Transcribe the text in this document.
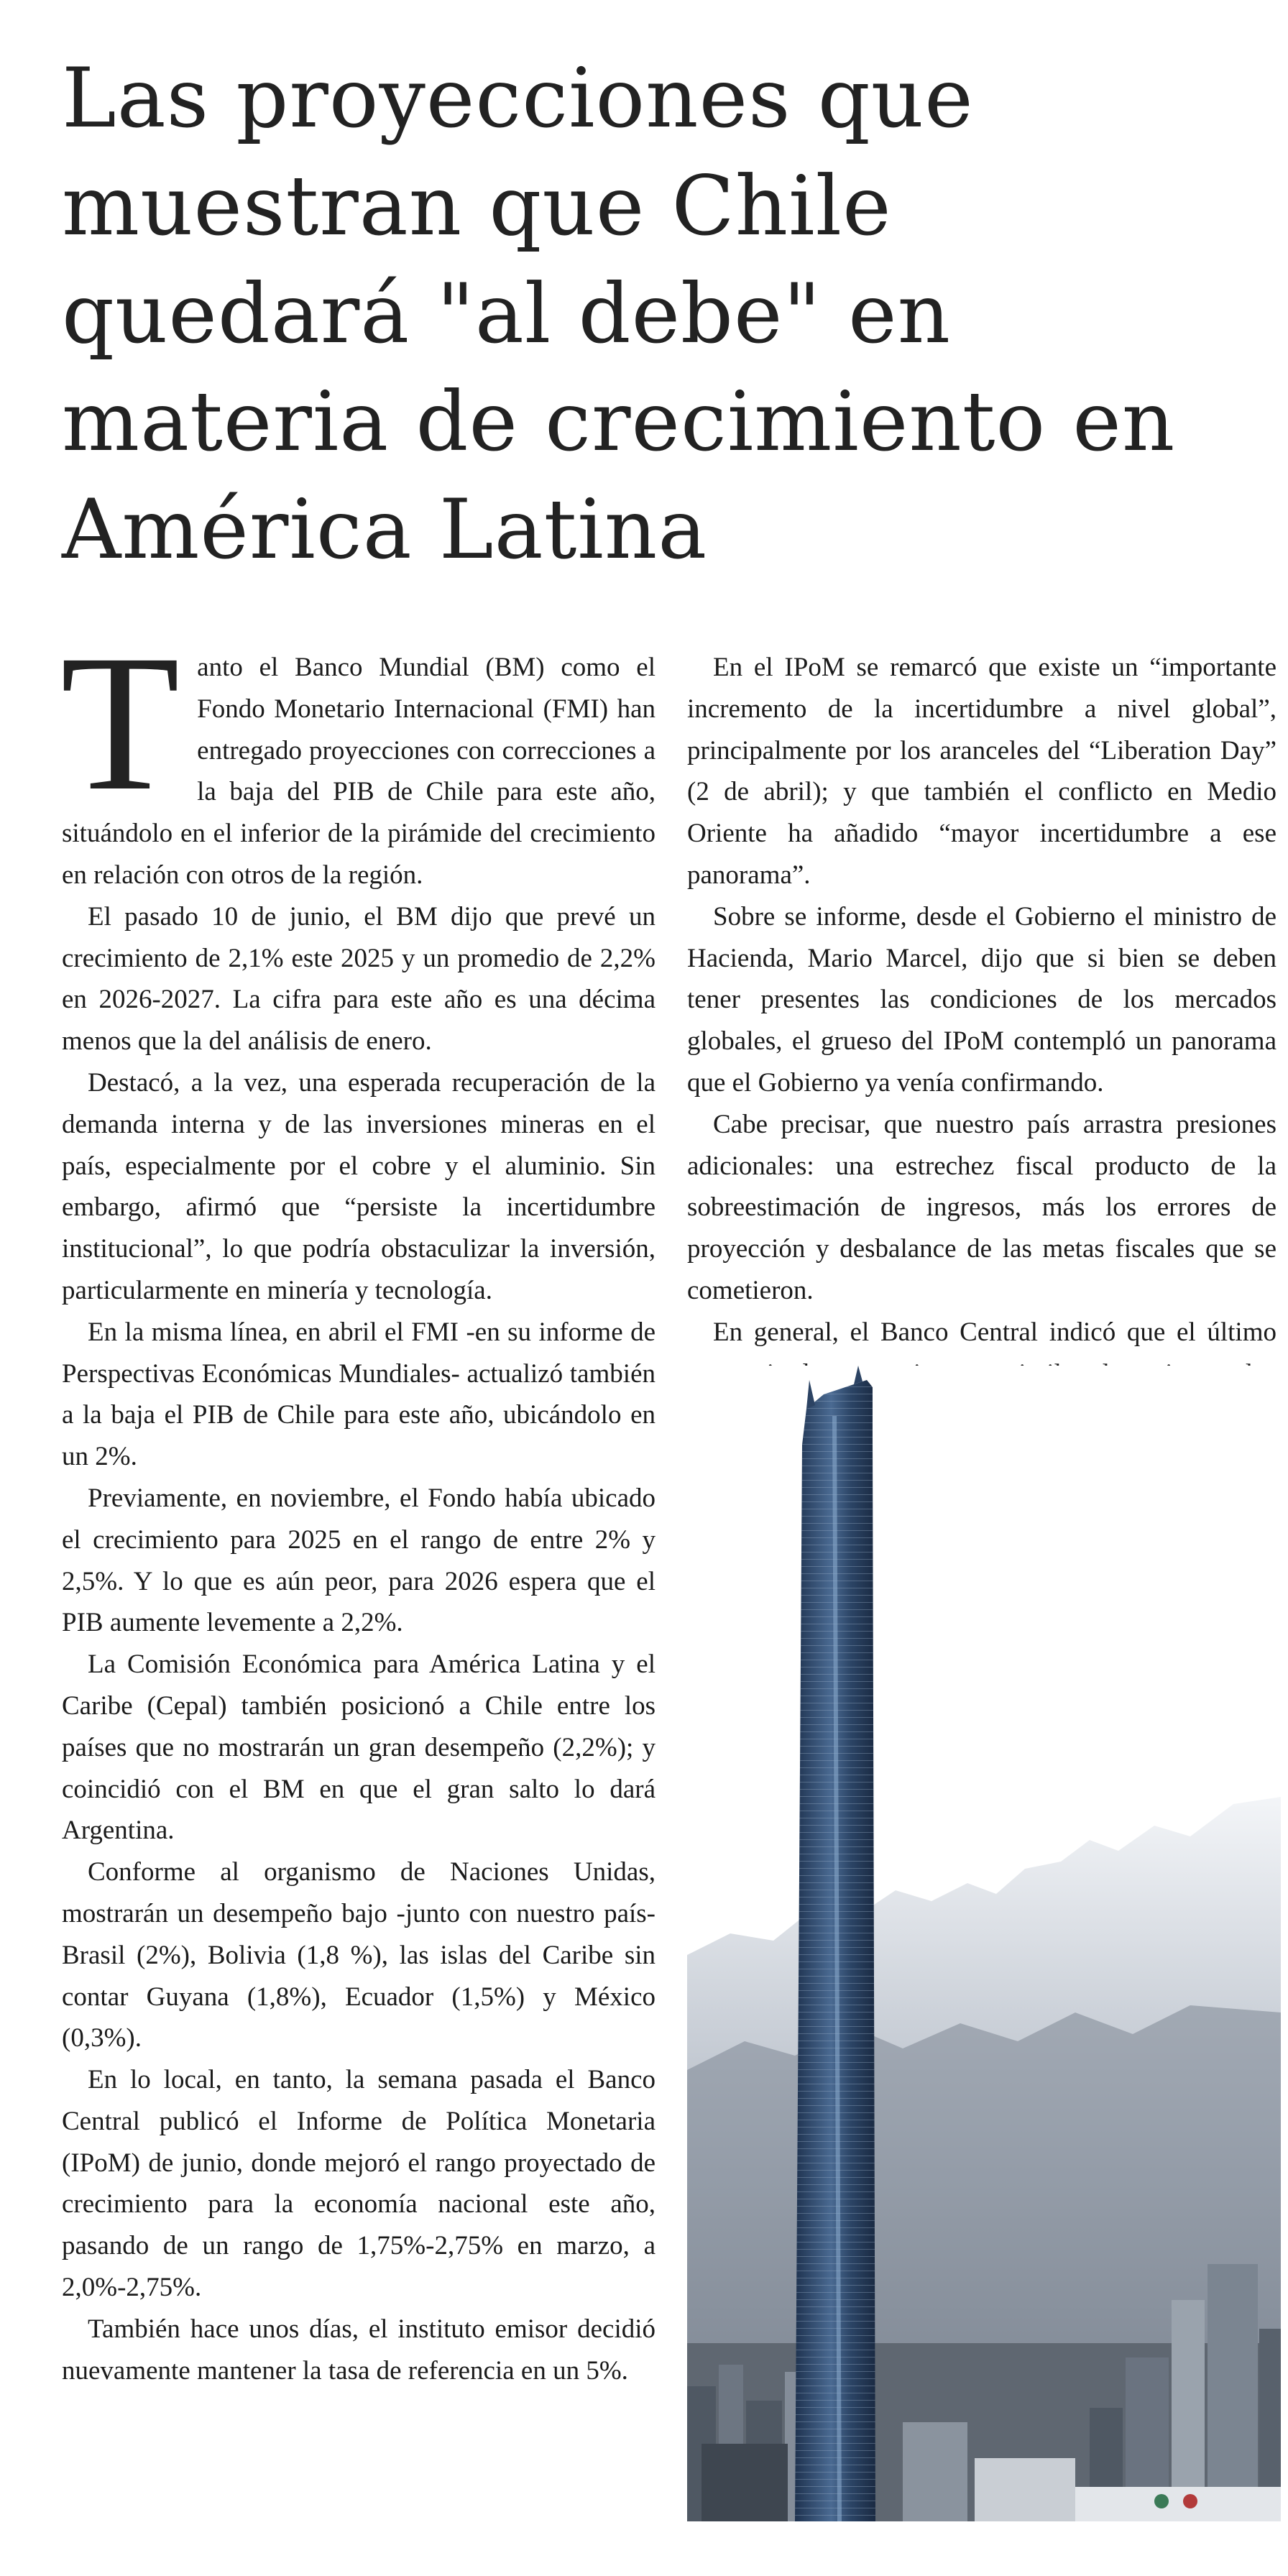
Las proyecciones que muestran que Chile quedará "al debe" en materia de crecimiento en América Latina

Tanto el Banco Mundial (BM) como el Fondo Monetario Internacional (FMI) han entregado proyecciones con correcciones a la baja del PIB de Chile para este año, situándolo en el inferior de la pirámide del crecimiento en relación con otros de la región.

El pasado 10 de junio, el BM dijo que prevé un crecimiento de 2,1% este 2025 y un promedio de 2,2% en 2026-2027. La cifra para este año es una décima menos que la del análisis de enero.

Destacó, a la vez, una esperada recuperación de la demanda interna y de las inversiones mineras en el país, especialmente por el cobre y el aluminio. Sin embargo, afirmó que “persiste la incertidumbre institucional”, lo que podría obstaculizar la inversión, particularmente en minería y tecnología.

En la misma línea, en abril el FMI -en su informe de Perspectivas Económicas Mundiales- actualizó también a la baja el PIB de Chile para este año, ubicándolo en un 2%.

Previamente, en noviembre, el Fondo había ubicado el crecimiento para 2025 en el rango de entre 2% y 2,5%. Y lo que es aún peor, para 2026 espera que el PIB aumente levemente a 2,2%.

La Comisión Económica para América Latina y el Caribe (Cepal) también posicionó a Chile entre los países que no mostrarán un gran desempeño (2,2%); y coincidió con el BM en que el gran salto lo dará Argentina.

Conforme al organismo de Naciones Unidas, mostrarán un desempeño bajo -junto con nuestro país- Brasil (2%), Bolivia (1,8 %), las islas del Caribe sin contar Guyana (1,8%), Ecuador (1,5%) y México (0,3%).

En lo local, en tanto, la semana pasada el Banco Central publicó el Informe de Política Monetaria (IPoM) de junio, donde mejoró el rango proyectado de crecimiento para la economía nacional este año, pasando de un rango de 1,75%-2,75% en marzo, a 2,0%-2,75%.

También hace unos días, el instituto emisor decidió nuevamente mantener la tasa de referencia en un 5%.

En el IPoM se remarcó que existe un “importante incremento de la incertidumbre a nivel global”, principalmente por los aranceles del “Liberation Day” (2 de abril); y que también el conflicto en Medio Oriente ha añadido “mayor incertidumbre a ese panorama”.

Sobre se informe, desde el Gobierno el ministro de Hacienda, Mario Marcel, dijo que si bien se deben tener presentes las condiciones de los mercados globales, el grueso del IPoM contempló un panorama que el Gobierno ya venía confirmando.

Cabe precisar, que nuestro país arrastra presiones adicionales: una estrechez fiscal producto de la sobreestimación de ingresos, más los errores de proyección y desbalance de las metas fiscales que se cometieron.

En general, el Banco Central indicó que el último
